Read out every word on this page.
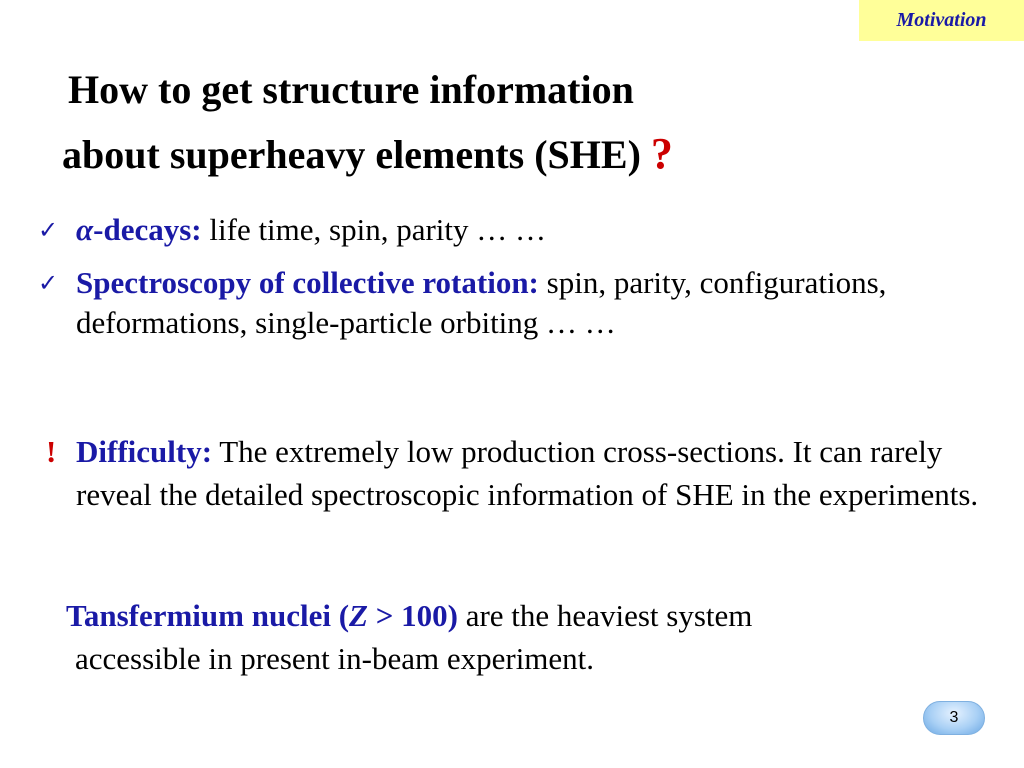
Motivation
How to get structure information
about superheavy elements (SHE) ?
✓ α-decays: life time, spin, parity … …
✓ Spectroscopy of collective rotation: spin, parity, configurations, deformations, single-particle orbiting … …
! Difficulty: The extremely low production cross-sections. It can rarely reveal the detailed spectroscopic information of SHE in the experiments.
Tansfermium nuclei (Z > 100) are the heaviest system
accessible in present in-beam experiment.
3
